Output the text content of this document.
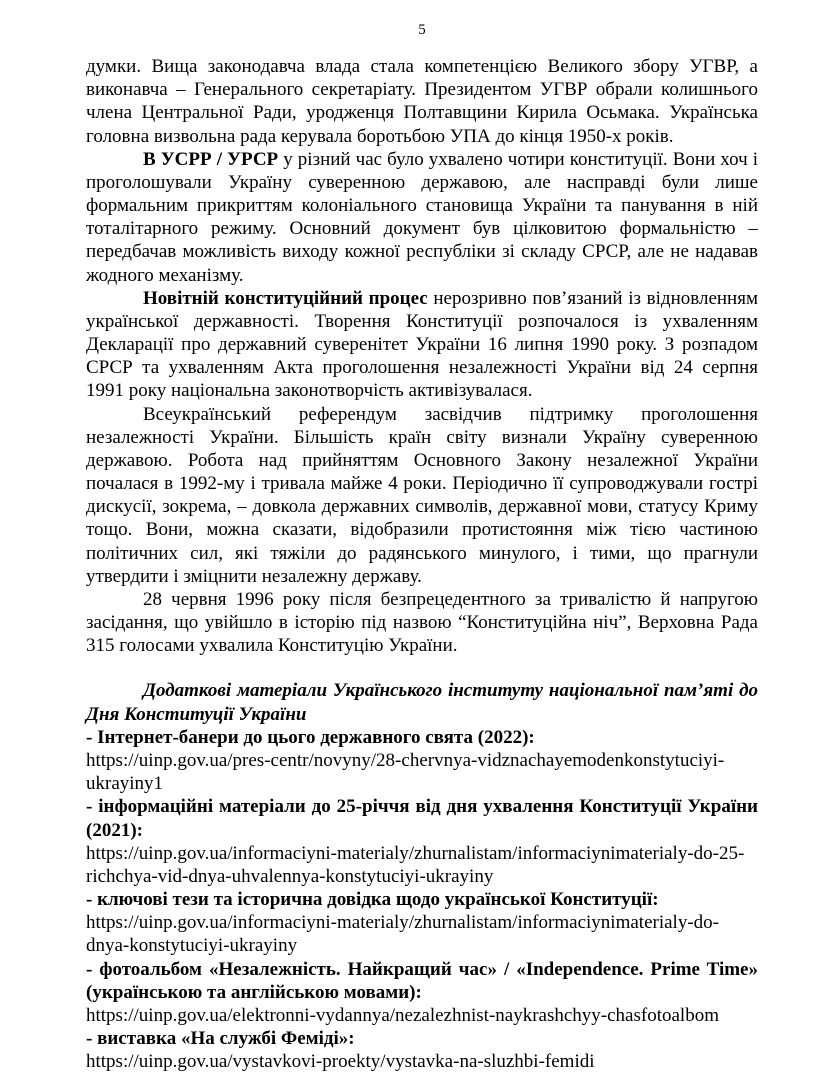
5

думки. Вища законодавча влада стала компетенцією Великого збору УГВР, а виконавча – Генерального секретаріату. Президентом УГВР обрали колишнього члена Центральної Ради, уродженця Полтавщини Кирила Осьмака. Українська головна визвольна рада керувала боротьбою УПА до кінця 1950-х років.

В УСРР / УРСР у різний час було ухвалено чотири конституції. Вони хоч і проголошували Україну суверенною державою, але насправді були лише формальним прикриттям колоніального становища України та панування в ній тоталітарного режиму. Основний документ був цілковитою формальністю – передбачав можливість виходу кожної республіки зі складу СРСР, але не надавав жодного механізму.

Новітній конституційний процес нерозривно пов’язаний із відновленням української державності. Творення Конституції розпочалося із ухваленням Декларації про державний суверенітет України 16 липня 1990 року. З розпадом СРСР та ухваленням Акта проголошення незалежності України від 24 серпня 1991 року національна законотворчість активізувалася.

Всеукраїнський референдум засвідчив підтримку проголошення незалежності України. Більшість країн світу визнали Україну суверенною державою. Робота над прийняттям Основного Закону незалежної України почалася в 1992-му і тривала майже 4 роки. Періодично її супроводжували гострі дискусії, зокрема, – довкола державних символів, державної мови, статусу Криму тощо. Вони, можна сказати, відобразили протистояння між тією частиною політичних сил, які тяжіли до радянського минулого, і тими, що прагнули утвердити і зміцнити незалежну державу.

28 червня 1996 року після безпрецедентного за тривалістю й напругою засідання, що увійшло в історію під назвою “Конституційна ніч”, Верховна Рада 315 голосами ухвалила Конституцію України.

Додаткові матеріали Українського інституту національної пам’яті до Дня Конституції України

- Інтернет-банери до цього державного свята (2022):

https://uinp.gov.ua/pres-centr/novyny/28-chervnya-vidznachayemodenkonstytuciyi-ukrayiny1

- інформаційні матеріали до 25-річчя від дня ухвалення Конституції України (2021):

https://uinp.gov.ua/informaciyni-materialy/zhurnalistam/informaciynimaterialy-do-25-richchya-vid-dnya-uhvalennya-konstytuciyi-ukrayiny

- ключові тези та історична довідка щодо української Конституції:

https://uinp.gov.ua/informaciyni-materialy/zhurnalistam/informaciynimaterialy-do-dnya-konstytuciyi-ukrayiny

- фотоальбом «Незалежність. Найкращий час» / «Independence. Prime Time» (українською та англійською мовами):

https://uinp.gov.ua/elektronni-vydannya/nezalezhnist-naykrashchyy-chasfotoalbom

- виставка «На службі Феміді»:

https://uinp.gov.ua/vystavkovi-proekty/vystavka-na-sluzhbi-femidi
